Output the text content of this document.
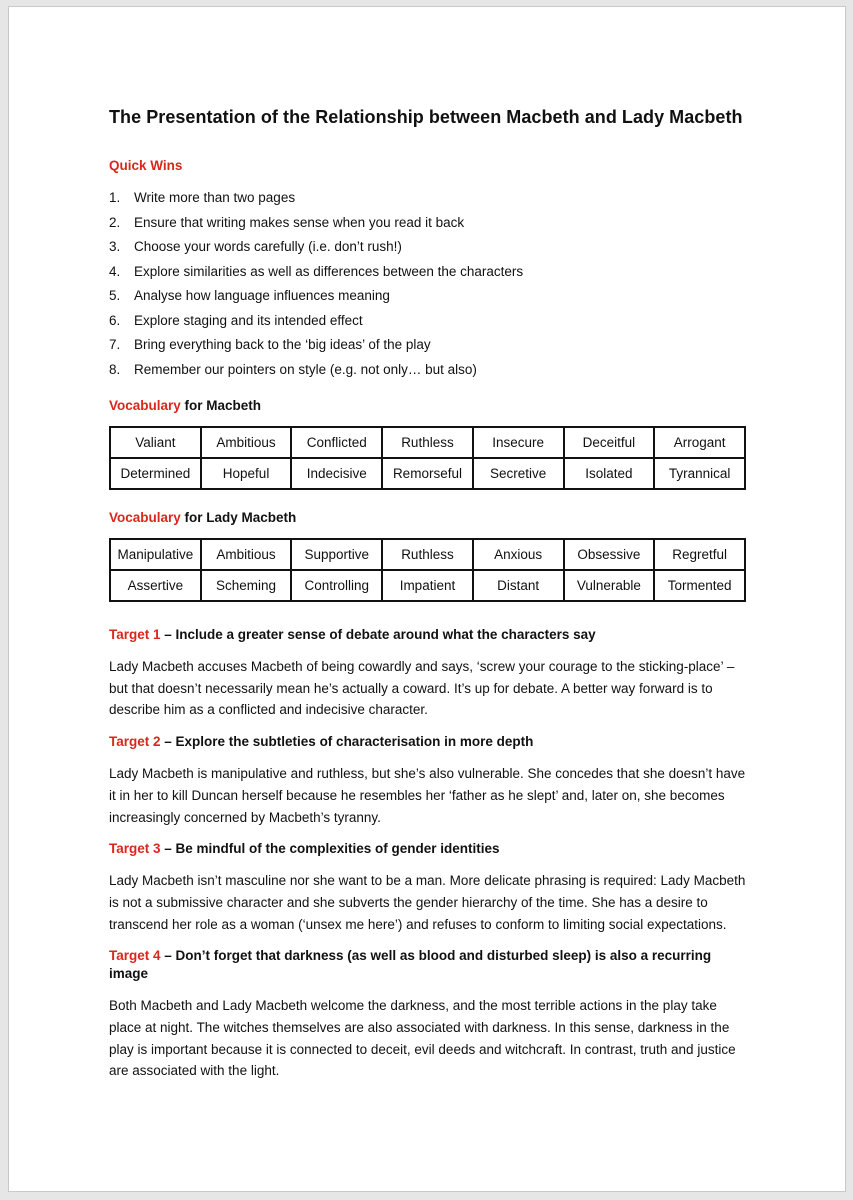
The Presentation of the Relationship between Macbeth and Lady Macbeth
Quick Wins
1.	Write more than two pages
2.	Ensure that writing makes sense when you read it back
3.	Choose your words carefully (i.e. don’t rush!)
4.	Explore similarities as well as differences between the characters
5.	Analyse how language influences meaning
6.	Explore staging and its intended effect
7.	Bring everything back to the ‘big ideas’ of the play
8.	Remember our pointers on style (e.g. not only… but also)
Vocabulary for Macbeth
Valiant	Ambitious	Conflicted	Ruthless	Insecure	Deceitful	Arrogant
Determined	Hopeful	Indecisive	Remorseful	Secretive	Isolated	Tyrannical
Vocabulary for Lady Macbeth
Manipulative	Ambitious	Supportive	Ruthless	Anxious	Obsessive	Regretful
Assertive	Scheming	Controlling	Impatient	Distant	Vulnerable	Tormented
Target 1 – Include a greater sense of debate around what the characters say

Lady Macbeth accuses Macbeth of being cowardly and says, ‘screw your courage to the sticking-place’ – but that doesn’t necessarily mean he’s actually a coward. It’s up for debate. A better way forward is to describe him as a conflicted and indecisive character.

Target 2 – Explore the subtleties of characterisation in more depth

Lady Macbeth is manipulative and ruthless, but she’s also vulnerable. She concedes that she doesn’t have it in her to kill Duncan herself because he resembles her ‘father as he slept’ and, later on, she becomes increasingly concerned by Macbeth’s tyranny.

Target 3 – Be mindful of the complexities of gender identities

Lady Macbeth isn’t masculine nor she want to be a man. More delicate phrasing is required: Lady Macbeth is not a submissive character and she subverts the gender hierarchy of the time. She has a desire to transcend her role as a woman (‘unsex me here’) and refuses to conform to limiting social expectations.

Target 4 – Don’t forget that darkness (as well as blood and disturbed sleep) is also a recurring image

Both Macbeth and Lady Macbeth welcome the darkness, and the most terrible actions in the play take place at night. The witches themselves are also associated with darkness. In this sense, darkness in the play is important because it is connected to deceit, evil deeds and witchcraft. In contrast, truth and justice are associated with the light.
